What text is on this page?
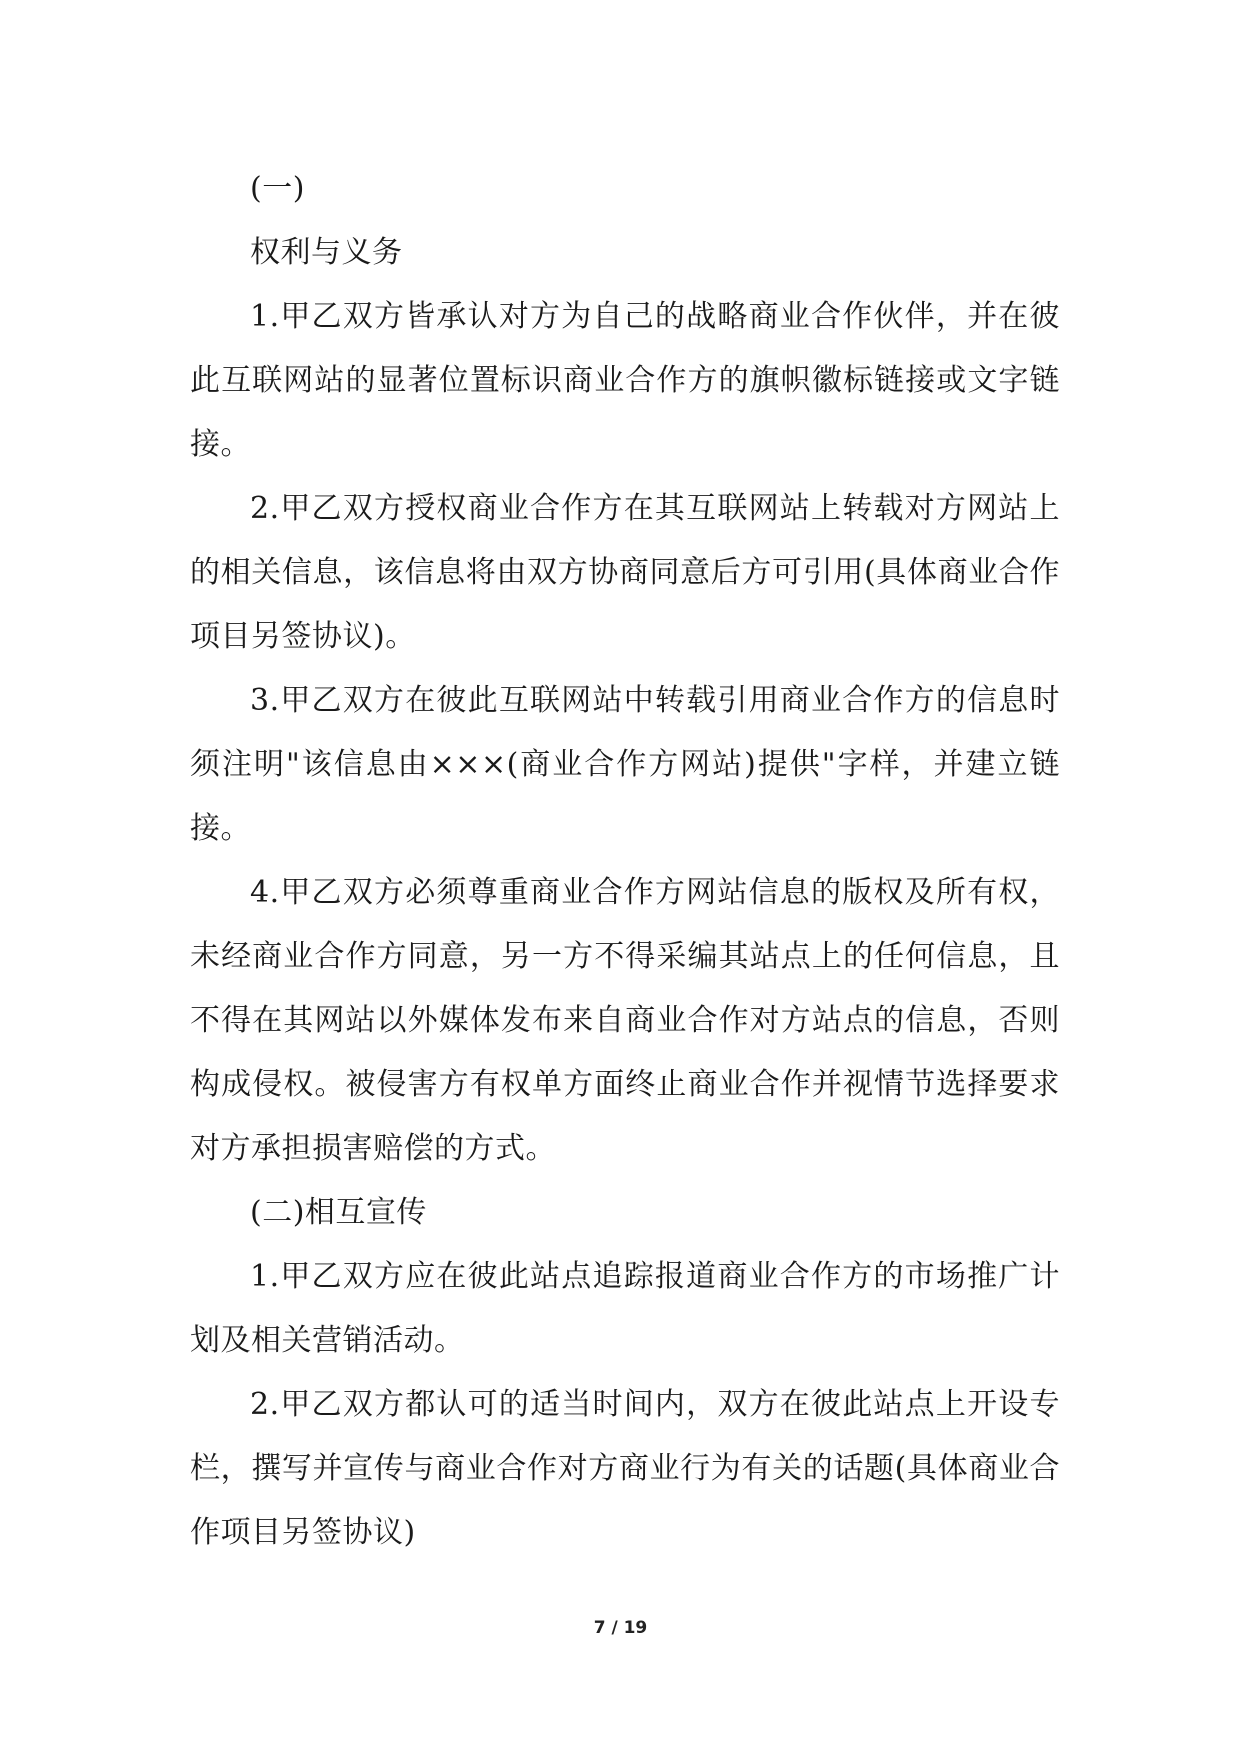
(一)

权利与义务

1.甲乙双方皆承认对方为自己的战略商业合作伙伴，并在彼此互联网站的显著位置标识商业合作方的旗帜徽标链接或文字链接。

2.甲乙双方授权商业合作方在其互联网站上转载对方网站上的相关信息，该信息将由双方协商同意后方可引用(具体商业合作项目另签协议)。

3.甲乙双方在彼此互联网站中转载引用商业合作方的信息时须注明"该信息由×××(商业合作方网站)提供"字样，并建立链接。

4.甲乙双方必须尊重商业合作方网站信息的版权及所有权，未经商业合作方同意，另一方不得采编其站点上的任何信息，且不得在其网站以外媒体发布来自商业合作对方站点的信息，否则构成侵权。被侵害方有权单方面终止商业合作并视情节选择要求对方承担损害赔偿的方式。

(二)相互宣传

1.甲乙双方应在彼此站点追踪报道商业合作方的市场推广计划及相关营销活动。

2.甲乙双方都认可的适当时间内，双方在彼此站点上开设专栏，撰写并宣传与商业合作对方商业行为有关的话题(具体商业合作项目另签协议)

7 / 19
